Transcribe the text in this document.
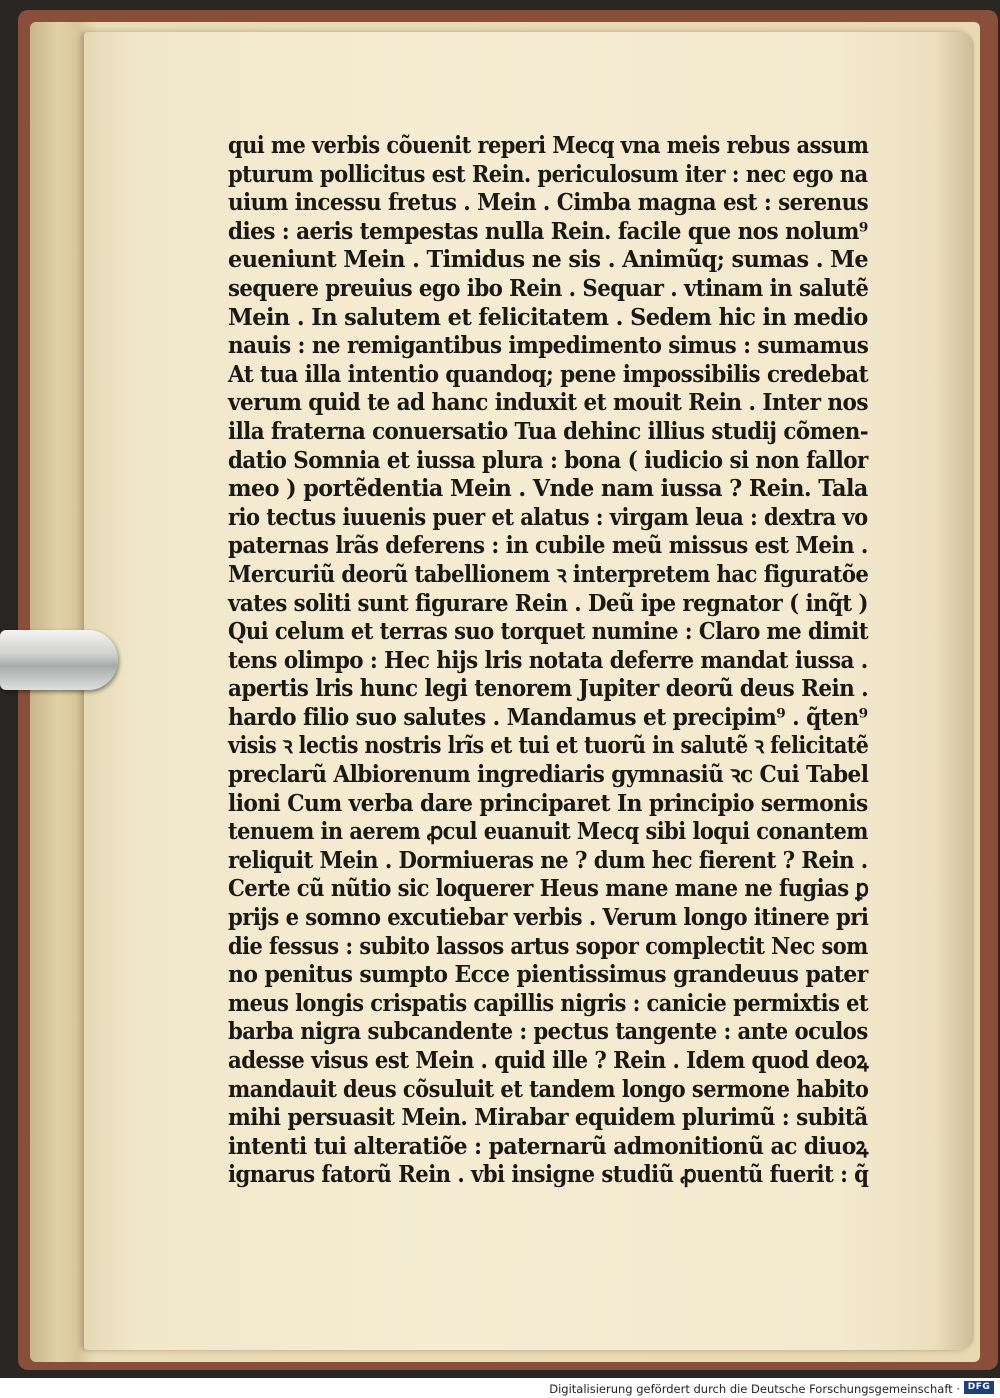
qui me verbis cõuenit reperi Mecq vna meis rebus assum
pturum pollicitus est Rein. periculosum iter : nec ego na
uium incessu fretus . Mein . Cimba magna est : serenus
dies : aeris tempestas nulla Rein. facile que nos nolum⁹
eueniunt Mein . Timidus ne sis . Animũq; sumas . Me
sequere preuius ego ibo Rein . Sequar . vtinam in salutẽ
Mein . In salutem et felicitatem . Sedem hic in medio
nauis : ne remigantibus impedimento simus : sumamus
At tua illa intentio quandoq; pene impossibilis credebat
verum quid te ad hanc induxit et mouit Rein . Inter nos
illa fraterna conuersatio Tua dehinc illius studij cõmen-
datio Somnia et iussa plura : bona ( iudicio si non fallor
meo ) portẽdentia Mein . Vnde nam iussa ? Rein. Tala
rio tectus iuuenis puer et alatus : virgam leua : dextra vo
paternas lrãs deferens : in cubile meũ missus est Mein .
Mercuriũ deorũ tabellionem ꝛ interpretem hac figuratõe
vates soliti sunt figurare Rein . Deũ ipe regnator ( inq̃t )
Qui celum et terras suo torquet numine : Claro me dimit
tens olimpo : Hec hijs lris notata deferre mandat iussa .
apertis lris hunc legi tenorem Jupiter deorũ deus Rein .
hardo filio suo salutes . Mandamus et precipim⁹ . q̃ten⁹
visis ꝛ lectis nostris lrĩs et tui et tuorũ in salutẽ ꝛ felicitatẽ
preclarũ Albiorenum ingrediaris gymnasiũ ꝛc Cui Tabel
lioni Cum verba dare principaret In principio sermonis
tenuem in aerem ꝓcul euanuit Mecq sibi loqui conantem
reliquit Mein . Dormiueras ne ? dum hec fierent ? Rein .
Certe cũ nũtio sic loquerer Heus mane mane ne fugias ꝑ
prijs e somno excutiebar verbis . Verum longo itinere pri
die fessus : subito lassos artus sopor complectit Nec som
no penitus sumpto Ecce pientissimus grandeuus pater
meus longis crispatis capillis nigris : canicie permixtis et
barba nigra subcandente : pectus tangente : ante oculos
adesse visus est Mein . quid ille ? Rein . Idem quod deoꝝ
mandauit deus cõsuluit et tandem longo sermone habito
mihi persuasit Mein. Mirabar equidem plurimũ : subitã
intenti tui alteratiõe : paternarũ admonitionũ ac diuoꝝ
ignarus fatorũ Rein . vbi insigne studiũ ꝓuentũ fuerit : q̃
Digitalisierung gefördert durch die Deutsche Forschungsgemeinschaft · DFG
